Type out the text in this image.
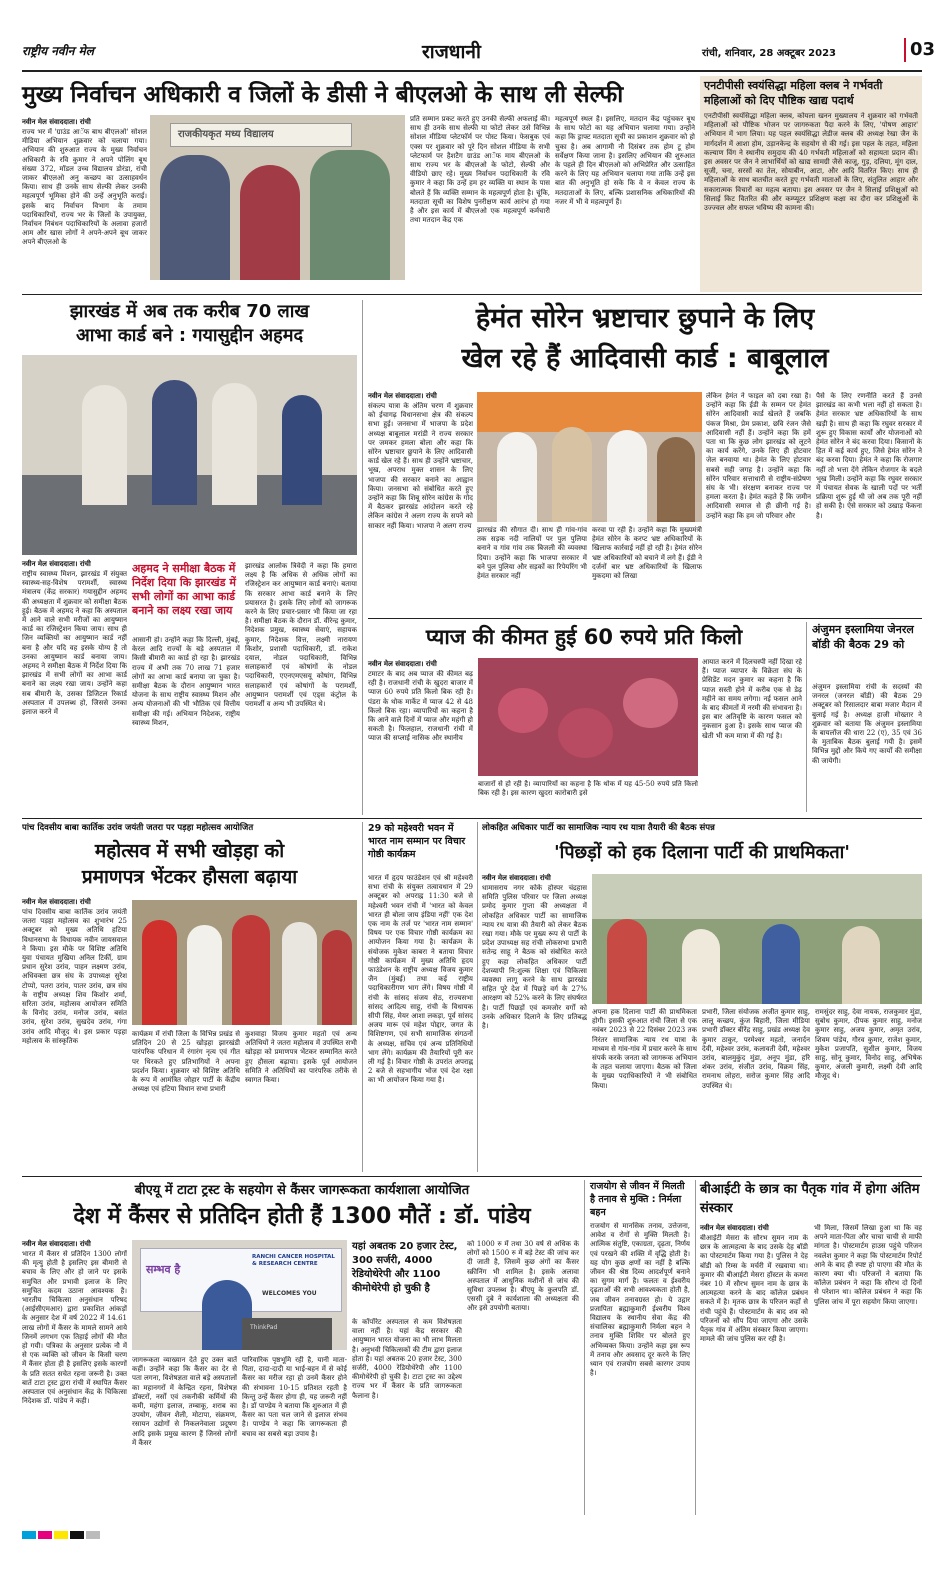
राष्ट्रीय नवीन मेल	राजधानी	रांची, शनिवार, 28 अक्टूबर 2023	03
मुख्य निर्वाचन अधिकारी व जिलों के डीसी ने बीएलओ के साथ ली सेल्फी
राजकीयकृत मध्य विद्यालय
नवीन मेल संवाददाता। रांची
राज्य भर में 'ग्राउंड आॅफ बाथ बीएलओ' सोशल मीडिया अभियान शुक्रवार को चलाया गया। अभियान की शुरुआत राज्य के मुख्य निर्वाचन अधिकारी के रवि कुमार ने अपने पोलिंग बूथ संख्या 372, मॉडल उच्च विद्यालय डोरंडा, रांची जाकर बीएलओ अनु कच्छप का उत्साहवर्धन किया। साथ ही उनके साथ सेल्फी लेकर उनकी महत्वपूर्ण भूमिका होने की उन्हें अनुभूति कराई। इसके बाद निर्वाचन विभाग के तमाम पदाधिकारियों, राज्य भर के जिलों के उपायुक्त, निर्वाचन निबंधन पदाधिकारियों के अलावा हजारों आम और खास लोगों ने अपने-अपने बूथ जाकर अपने बीएलओ के
प्रति सम्मान प्रकट करते हुए उनकी सेल्फी अफलाई की। साथ ही उनके साथ सेल्फी या फोटो लेकर उसे विभिन्न सोशल मीडिया प्लेटफॉर्म पर पोस्ट किया। फेसबुक एवं एक्स पर शुक्रवार को पूरे दिन सोशल मीडिया के सभी प्लेटफार्म पर हैशटैग ग्राउंड आॅफ माय बीएलओ के साथ राज्य भर के बीएलओ के फोटो, सेल्फी और वीडियो छाए रहे। मुख्य निर्वाचन पदाधिकारी के रवि कुमार ने कहा कि उन्हें हम हर व्यक्ति या स्थान के पास बोलते हैं कि व्यक्ति सम्मान के महत्वपूर्ण होता है। चूंकि, मतदाता सूची का विशेष पुनरीक्षण कार्य आरंभ हो गया है और इस कार्य में बीएलओ एक महत्वपूर्ण कर्मचारी तथा मतदान केंद्र एक
महत्वपूर्ण स्थल है। इसलिए, मतदान केंद्र पहुंचकर बूथ के साथ फोटो का यह अभियान चलाया गया। उन्होंने कहा कि ड्राफ्ट मतदाता सूची का प्रकाशन शुक्रवार को हो चुका है। अब आगामी नौ दिसंबर तक होम टू होम सर्वेक्षण किया जाना है। इसलिए अभियान की शुरुआत के पहले ही दिन बीएलओ को अभिप्रेरित और उत्साहित करने के लिए यह अभियान चलाया गया ताकि उन्हें इस बात की अनुभूति हो सके कि वे न केवल राज्य के मतदाताओं के लिए, बल्कि प्रशासनिक अधिकारियों की नजर में भी वे महत्वपूर्ण हैं।
एनटीपीसी स्वयंसिद्धा महिला क्लब ने गर्भवती महिलाओं को दिए पौष्टिक खाद्य पदार्थ
एनटीपीसी स्वयंसिद्धा महिला क्लब, कोयला खनन मुख्यालय ने शुक्रवार को गर्भवती महिलाओं को पौष्टिक भोजन पर जागरुकता पैदा करने के लिए, 'पोषण आहार' अभियान में भाग लिया। यह पहल स्वयंसिद्धा लेडीज क्लब की अध्यक्ष रेखा जैन के मार्गदर्शन में आशा होम, उड़ानकेन्द्र के सहयोग से की गई। इस पहल के तहत, महिला कल्याण विंग ने स्थानीय समुदाय की 40 गर्भवती महिलाओं को सहायता प्रदान की। इस अवसर पर जैन ने लाभार्थियों को खाद्य सामग्री जैसे काजू, गुड़, दलिया, मूंग दाल, सूजी, चना, सरसों का तेल, सोयाबीन, आटा, और आदि वितरित किए। साथ ही महिलाओं के साथ बातचीत करते हुए गर्भवती माताओं के लिए, संतुलित आहार और सकारात्मक विचारों का महत्व बताया। इस अवसर पर जैन ने सिलाई प्रशिक्षुओं को सिलाई किट वितरित की और कम्प्यूटर प्रशिक्षण कक्षा का दौरा कर प्रशिक्षुओं के उज्ज्वल और सफल भविष्य की कामना की।
झारखंड में अब तक करीब 70 लाख
आभा कार्ड बने : गयासुद्दीन अहमद
नवीन मेल संवाददाता। रांची
राष्ट्रीय स्वास्थ्य मिशन, झारखंड में संयुक्त स्वास्थ्य-सह-विशेष परामर्शी, स्वास्थ्य मंत्रालय (केंद्र सरकार) गयासुद्दीन अहमद की अध्यक्षता में शुक्रवार को समीक्षा बैठक हुई। बैठक में अहमद ने कहा कि अस्पताल में आने वाले सभी मरीजों का आयुष्मान कार्ड का रजिस्ट्रेशन किया जाय। साथ ही जिन व्यक्तियों का आयुष्मान कार्ड नहीं बना है और यदि वह इसके योग्य है तो उनका आयुष्मान कार्ड बनाया जाय। अहमद ने समीक्षा बैठक में निर्देश दिया कि झारखंड में सभी लोगों का आभा कार्ड बनाने का लक्ष्य रखा जाय। उन्होंने कहा सब बीमारी के, उसका डिजिटल रिकार्ड अस्पताल में उपलब्ध हो, जिससे उनका इलाज करने में
अहमद ने समीक्षा बैठक में निर्देश दिया कि झारखंड में सभी लोगों का आभा कार्ड बनाने का लक्ष्य रखा जाय
आसानी हो। उन्होंने कहा कि दिल्ली, मुंबई, केरल आदि राज्यों के बड़े अस्पताल में किसी बीमारी का कार्ड हो रहा है। झारखंड राज्य में अभी तक 70 लाख 71 हजार लोगों का आभा कार्ड बनाया जा चुका है। समीक्षा बैठक के दौरान आयुष्मान भारत योजना के साथ राष्ट्रीय स्वास्थ्य मिशन और अन्य योजनाओं की भी भौतिक एवं वित्तीय समीक्षा की गई। अभियान निदेशक, राष्ट्रीय स्वास्थ्य मिशन,
झारखंड आलोक त्रिवेदी ने कहा कि हमारा लक्ष्य है कि अधिक से अधिक लोगों का रजिस्ट्रेशन कर आयुष्मान कार्ड बनाएं। बताया कि सरकार आभा कार्ड बनाने के लिए प्रयासरत है। इसके लिए लोगों को जागरूक करने के लिए प्रचार-प्रसार भी किया जा रहा है। समीक्षा बैठक के दौरान डॉ. वीरेन्द्र कुमार, निदेशक प्रमुख, स्वास्थ्य सेवाएं, सहायक कुमार, निदेशक वित्त, लक्ष्मी नारायण किशोर, प्रशासी पदाधिकारी, डॉ. राकेश दयाल, नोडल पदाधिकारी, विभिन्न सलाहकारों एवं कोषांगों के नोडल पदाधिकारी, एएनएमएसयू कोषांग, विभिन्न सलाहकारों एवं कोषांगों के परामर्शी, आयुष्मान परामर्शी एवं एड्स कंट्रोल के परामर्शी व अन्य भी उपस्थित थे।
हेमंत सोरेन भ्रष्टाचार छुपाने के लिए
खेल रहे हैं आदिवासी कार्ड : बाबूलाल
नवीन मेल संवाददाता। रांची
संकल्प यात्रा के अंतिम चरण में शुक्रवार को ईचागढ़ विधानसभा क्षेत्र की संकल्प सभा हुई। जनसभा में भाजपा के प्रदेश अध्यक्ष बाबूलाल मरांडी ने राज्य सरकार पर जमकर हमला बोला और कहा कि सोरेन भ्रष्टाचार छुपाने के लिए आदिवासी कार्ड खेल रहे हैं। साथ ही उन्होंने भ्रष्टाचार, भूख, अपराध मुक्त शासन के लिए भाजपा की सरकार बनाने का आह्वान किया। जनसभा को संबोधित करते हुए उन्होंने कहा कि शिबू सोरेन कांग्रेस के गोद में बैठकर झारखंड आंदोलन करते रहे लेकिन कांग्रेस ने अलग राज्य के सपने को साकार नहीं किया। भाजपा ने अलग राज्य
झारखंड की सौगात दी। साथ ही गांव-गांव तक सड़क नदी नालियों पर पुल पुलिया बनाने व गांव गांव तक बिजली की व्यवस्था दिया। उन्होंने कहा कि भाजपा सरकार में बने पुल पुलिया और सड़कों का रिपेयरिंग भी हेमंत सरकार नहीं
करवा पा रही है। उन्होंने कहा कि मुख्यमंत्री हेमंत सोरेन के करप्ट भ्रष्ट अधिकारियों के खिलाफ कार्रवाई नहीं हो रही है। हेमंत सोरेन भ्रष्ट अधिकारियों को बचाने में लगे हैं। ईडी ने दर्जनों बार भ्रष्ट अधिकारियों के खिलाफ मुकदमा को लिखा
लेकिन हेमंत ने फाइल को दबा रखा है। उन्होंने कहा कि ईडी के सम्मन पर हेमंत सोरेन आदिवासी कार्ड खेलते हैं जबकि पंकज मिश्रा, प्रेम प्रकाश, छवि रंजन जैसे आदिवासी नहीं हैं। उन्होंने कहा कि हमें पता था कि कुछ लोग झारखंड को लूटने का कार्य करेंगे, उनके लिए ही होटवार जेल बनवाया था। हेमंत के लिए होटवार सबसे सही जगह है। उन्होंने कहा कि सोरेन परिवार सत्ताधारी से राष्ट्रीय-संप्रेषण संघ के भी। संरक्षण बनाकर राज्य पर हमला करता है। हेमंत कहते हैं कि जमीन आदिवासी समाज से ही छीनी गई है। उन्होंने कहा कि हम जो परिवार और
पैसे के लिए रणनीति करते हैं उनसे झारखंड का कभी भला नहीं हो सकता है। हेमंत सरकार भ्रष्ट अधिकारियों के साथ खड़ी है। साथ ही कहा कि रघुवर सरकार में शुरू हुए विकास कार्यों और योजनाओं को हेमंत सोरेन ने बंद करवा दिया। किसानों के हित में कई कार्य हुए, जिसे हेमंत सोरेन ने बंद करवा दिया। हेमंत ने कहा कि रोजगार नहीं तो भत्ता देंगे लेकिन रोजगार के बदले भूख मिली। उन्होंने कहा कि रघुवर सरकार में पंचायत सेवक के खाली पदों पर भर्ती प्रक्रिया शुरू हुई थी जो अब तक पूरी नहीं हो सकी है। ऐसे सरकार को उखाड़ फेंकना है।
प्याज की कीमत हुई 60 रुपये प्रति किलो
नवीन मेल संवाददाता। रांची
टमाटर के बाद अब प्याज की कीमत बढ़ रही है। राजधानी रांची के खुदरा बाजार में प्याज 60 रुपये प्रति किलो बिक रही है। पंडरा के थोक मार्केट में प्याज 42 से 48 किलो बिक रहा। व्यापारियों का कहना है कि आने वाले दिनों में प्याज और महंगी हो सकती है। फिलहाल, राजधानी रांची में प्याज की सप्लाई नासिक और स्थानीय
बाजारों से हो रही है। व्यापारियों का कहना है कि थोक में यह 45-50 रुपये प्रति किलो बिक रही है। इस कारण खुदरा कारोबारी इसे
आयात करने में दिलचस्पी नहीं दिखा रहे हैं। प्याज व्यापार के विक्रेता संघ के प्रेसिडेंट मदन कुमार का कहना है कि प्याज सस्ती होने में करीब एक से डेढ़ महीने का समय लगेगा। नई फसल आने के बाद कीमतों में नरमी की संभावना है। इस बार अतिवृष्टि के कारण फसल को नुकसान हुआ है। इसके साथ प्याज की खेती भी कम मात्रा में की गई है।
अंजुमन इस्लामिया जेनरल बॉडी की बैठक 29 को
अंजुमन इस्लामिया रांची के सदस्यों की जनरल (जनरल बॉडी) की बैठक 29 अक्टूबर को रिसालदार बाबा मजार मैदान में बुलाई गई है। अध्यक्ष हाजी मोख्तार ने शुक्रवार को बताया कि अंजुमन इस्लामिया के बायलॉज की धारा 22 (ए), 35 एवं 36 के मुताबिक बैठक बुलाई गयी है। इसमें विभिन्न मुद्दों और किये गए कार्यों की समीक्षा की जायेगी।
पांच दिवसीय बाबा कार्तिक उरांव जयंती जतरा पर पड़हा महोत्सव आयोजित
महोत्सव में सभी खोड़हा को
प्रमाणपत्र भेंटकर हौसला बढ़ाया
नवीन मेल संवाददाता। रांची
पांच दिवसीय बाबा कार्तिक उरांव जयंती जतरा पड़हा महोत्सव का शुभारंभ 25 अक्टूबर को मुख्य अतिथि हटिया विधानसभा के विधायक नवीन जायसवाल ने किया। इस मौके पर विशिष्ट अतिथि युवा पंचायत मुखिया अनिल टिर्की, ग्राम प्रधान सुरेश उरांव, पाहन लक्ष्मण उरांव, अधिवक्ता छत्र संघ के उपाध्यक्ष सुरेश टोप्पो, पतरा उरांव, पातर उरांव, छत्र संघ के राष्ट्रीय अध्यक्ष शिव किशोर शर्मा, सरिता उरांव, महोत्सव आयोजन समिति के विनोद उरांव, मनोज उरांव, बसंत उरांव, सुरेश उरांव, सुखदेव उरांव, गंगा उरांव आदि मौजूद थे। इस प्रकार पड़हा महोत्सव के सांस्कृतिक
कार्यक्रम में रांची जिला के विभिन्न प्रखंड से प्रतिदिन 20 से 25 खोड़हा झारखंडी पारंपरिक परिधान में रंगारंग नृत्य एवं गीत पर थिरकते हुए प्रतिभागियों ने अपना प्रदर्शन किया। शुक्रवार को विशिष्ट अतिथि के रूप में आमंत्रित जोहार पार्टी के केंद्रीय अध्यक्ष एवं हटिया विधान सभा प्रभारी
कुशवाहा विजय कुमार महतो एवं अन्य अतिथियों ने जतरा महोत्सव में उपस्थित सभी खोड़हा को प्रमाणपत्र भेंटकर सम्मानित करते हुए हौसला बढ़ाया। इसके पूर्व आयोजन समिति ने अतिथियों का पारंपरिक तरीके से स्वागत किया।
29 को महेश्वरी भवन में भारत नाम सम्मान पर विचार गोष्ठी कार्यक्रम
भारत में हृदय फाउंडेशन एवं श्री महेश्वरी सभा रांची के संयुक्त तत्वावधान में 29 अक्टूबर को अपराह्न 11:30 बजे से महेश्वरी भवन रांची में 'भारत को केवल भारत ही बोला जाय इंडिया नहीं' एक देश एक नाम के तर्ज पर 'भारत नाम सम्मान' विषय पर एक विचार गोष्ठी कार्यक्रम का आयोजन किया गया है। कार्यक्रम के संयोजक मुकेश काबरा ने बताया विचार गोष्ठी कार्यक्रम में मुख्य अतिथि हृदय फाउंडेशन के राष्ट्रीय अध्यक्ष विजय कुमार जैन (मुंबई) तथा कई राष्ट्रीय पदाधिकारीगण भाग लेंगे। विषय गोष्ठी में रांची के सांसद संजय सेठ, राज्यसभा सांसद आदित्य साहू, रांची के विधायक सीपी सिंह, मेयर आशा लकड़ा, पूर्व सांसद अजय मारू एवं महेश पोद्दार, जगत के विशिष्टगण, एवं सभी सामाजिक संगठनों के अध्यक्ष, सचिव एवं अन्य प्रतिनिधियों भाग लेंगे। कार्यक्रम की तैयारियों पूरी कर ली गई है। विचार गोष्ठी के उपरांत अपराह्न 2 बजे से सहभागीय भोज एवं देश रक्षा का भी आयोजन किया गया है।
लोकहित अधिकार पार्टी का सामाजिक न्याय रथ यात्रा तैयारी की बैठक संपन्न
'पिछड़ों को हक दिलाना पार्टी की प्राथमिकता'
नवीन मेल संवाददाता। रांची
धामासराय नगर कोके होस्पर चंद्रहास समिति पुलिस परिवार पर जिला अध्यक्ष प्रमोद कुमार गुप्ता की अध्यक्षता में लोकहित अधिकार पार्टी का सामाजिक न्याय रथ यात्रा की तैयारी को लेकर बैठक रखा गया। मौके पर मुख्य रूप से पार्टी के प्रदेश उपाध्यक्ष सह रांची लोकसभा प्रभारी सतेन्द्र साहू ने बैठक को संबोधित करते हुए कहा लोकहित अधिकार पार्टी देशव्यापी नि:शुल्क शिक्षा एवं चिकित्सा व्यवस्था लागू करने के साथ झारखंड सहित पूरे देश में पिछड़े वर्ग के 27% आरक्षण को 52% करने के लिए संघर्षरत है। पार्टी पिछड़ों एवं कमजोर वर्गों को उनके अधिकार दिलाने के लिए प्रतिबद्ध है।
अपना हक दिलाना पार्टी की प्राथमिकता होगी। इसकी शुरुआत रांची जिला से एक नवंबर 2023 से 22 दिसंबर 2023 तक निरंतर सामाजिक न्याय रथ यात्रा के माध्यम से गांव-गांव में प्रचार करने के साथ संपर्क करके जनता को जागरूक अभियान के तहत चलाया जाएगा। बैठक को जिला के मुख्य पदाधिकारियों ने भी संबोधित किया।
प्रभारी, जिला संयोजक अजीत कुमार साहु, लालू कच्छप, कुंज बिहारी, जिला मीडिया प्रभारी डॉक्टर बीरेंद्र साहु, प्रखंड अध्यक्ष देव कुमार ठाकुर, परमेश्वर महतो, जनार्दन देवी, महेश्वर उरांव, कलावती देवी, महेश्वर उरांव, बालमुकुंद मुंडा, अनूप मुंडा, हरि शंकर उरांव, संजीत उरांव, विक्रम सिंह, रामनाथ लोहरा, सरोज कुमार सिंह आदि उपस्थित थे।
रामसुंदर साहु, देवा नायक, राजकुमार मुंडा, सुबोध कुमार, दीपक कुमार साहु, मनोज कुमार साहु, अजय कुमार, अमृत उरांव, शिवम पांडेय, गौरव कुमार, राजेश कुमार, मुकेश प्रजापति, सुशील कुमार, विजय साहु, सोनू कुमार, विनोद साहु, अभिषेक कुमार, अंजली कुमारी, लक्ष्मी देवी आदि मौजूद थे।
बीएयू में टाटा ट्रस्ट के सहयोग से कैंसर जागरूकता कार्यशाला आयोजित
देश में कैंसर से प्रतिदिन होती हैं 1300 मौतें : डॉ. पांडेय
नवीन मेल संवाददाता। रांची
भारत में कैंसर से प्रतिदिन 1300 लोगों की मृत्यु होती है इसलिए इस बीमारी से बचाव के लिए और हो जाने पर इसके समुचित और प्रभावी इलाज के लिए समुचित कदम उठाना आवश्यक है। भारतीय चिकित्सा अनुसंधान परिषद (आईसीएमआर) द्वारा प्रकाशित आंकड़ों के अनुसार देश में वर्ष 2022 में 14.61 लाख लोगों में कैंसर के मामले सामने आये जिनमें लगभग एक तिहाई लोगों की मौत हो गयी। पत्रिका के अनुसार प्रत्येक नौ में से एक व्यक्ति को जीवन के किसी चरण में कैंसर होता ही है इसलिए इसके कारणों के प्रति सतत सचेत रहना जरूरी है। उक्त बातें टाटा ट्रस्ट द्वारा रांची में स्थापित कैंसर अस्पताल एवं अनुसंधान केंद्र के चिकित्सा निदेशक डॉ. पांडेय ने कही।
सम्भव है
RANCHI CANCER HOSPITAL & RESEARCH CENTRE
WELCOMES YOU
ThinkPad
यहां अबतक 20 हजार टेस्ट, 300 सर्जरी, 4000 रेडियोथेरेपी और 1100 कीमोथेरेपी हो चुकी है
जागरूकता व्याख्यान देते हुए उक्त बातें कहीं। उन्होंने कहा कि कैंसर का देर से पता लगना, विशेषज्ञता वाले बड़े अस्पतालों का महानगरों में केन्द्रित रहना, विशेषज्ञ डॉक्टरों, नर्सों एवं तकनीकी कर्मियों की कमी, महंगा इलाज, तम्बाकू, शराब का उपयोग, जीवन शैली, मोटापा, संक्रमण, रसायन उद्योगों से निकलनेवाला प्रदूषण आदि इसके प्रमुख कारण हैं जिनसे लोगों में कैंसर
पारिवारिक पृष्ठभूमि रही है, यानी माता-पिता, दादा-दादी या भाई-बहन में से कोई कैंसर का मरीज रहा हो उनमें कैंसर होने की संभावना 10-15 प्रतिशत रहती है किन्तु उन्हें कैंसर होगा ही, यह जरूरी नहीं है। डॉ पाण्डेय ने बताया कि शुरुआत में ही कैंसर का पता चल जाने से इलाज संभव है। पाण्डेय ने कहा कि जागरूकता ही बचाव का सबसे बड़ा उपाय है।
के कॉर्पोरेट अस्पताल से कम विशेषज्ञता वाला नहीं है। यहां केंद्र सरकार की आयुष्मान भारत योजना का भी लाभ मिलता है। अनुभवी चिकित्सकों की टीम द्वारा इलाज होता है। यहां अबतक 20 हजार टेस्ट, 300 सर्जरी, 4000 रेडियोथेरेपी और 1100 कीमोथेरेपी हो चुकी है। टाटा ट्रस्ट का उद्देश्य राज्य भर में कैंसर के प्रति जागरूकता फैलाना है।
को 1000 रु में तथा 30 वर्ष से अधिक के लोगों को 1500 रु में बड़े टेस्ट की जांच कर दी जाती है, जिसमें कुछ अंगों का कैंसर स्क्रीनिंग भी शामिल है। इसके अलावा अस्पताल में आधुनिक मशीनों से जांच की सुविधा उपलब्ध है। बीएयू के कुलपति डॉ. एससी दुबे ने कार्यशाला की अध्यक्षता की और इसे उपयोगी बताया।
राजयोग से जीवन में मिलती है तनाव से मुक्ति : निर्मला बहन
राजयोग से मानसिक तनाव, उत्तेजना, आवेश व रोगों से मुक्ति मिलती है। आत्मिक संतुष्टि, एकाग्रता, दृढ़ता, निर्णय एवं परखने की शक्ति में वृद्धि होती है। यह योग कुछ क्षणों का नहीं है बल्कि जीवन की श्रेष्ठ दिव्य आदर्शपूर्ण बनाने का सुगम मार्ग है। फलतः व ईश्वरीय दृढ़ताओं की सभी आवश्यकता होती है, जब जीवन तनावग्रस्त हो। ये उद्गार प्रजापिता ब्रह्माकुमारी ईश्वरीय विश्व विद्यालय के स्थानीय सेवा केंद्र की संचालिका ब्रह्माकुमारी निर्मला बहन ने तनाव मुक्ति शिविर पर बोलते हुए अभिव्यक्त किया। उन्होंने कहा इस रूप में तनाव और अवसाद दूर करने के लिए ध्यान एवं राजयोग सबसे कारगर उपाय है।
बीआईटी के छात्र का पैतृक गांव में होगा अंतिम संस्कार
नवीन मेल संवाददाता। रांची
बीआईटी मेसरा के सौरभ सुमन नाम के छात्र के आत्महत्या के बाद उसके देह बॉडी का पोस्टमार्टम किया गया है। पुलिस ने देह बॉडी को रिम्स के मर्चरी में रखवाया था। कुमार की बीआईटी मेसरा हॉस्टल के कमरा नंबर 10 में सौरभ सुमन नाम के छात्र के आत्महत्या करने के बाद कॉलेज प्रबंधन सकते में है। मृतक छात्र के परिजन कहाँ से रांची पहुंचे हैं। पोस्टमार्टम के बाद शव को परिजनों को सौंप दिया जाएगा और उसके पैतृक गांव में अंतिम संस्कार किया जाएगा। मामले की जांच पुलिस कर रही है।
भी मिला, जिसमें लिखा हुआ था कि वह अपने माता-पिता और चाचा चाची से माफी मांगता है। पोस्टमार्टम हाउस पहुंचे परिजन नवलेश कुमार ने कहा कि पोस्टमार्टम रिपोर्ट आने के बाद ही स्पष्ट हो पाएगा की मौत के कारण क्या थी। परिजनों ने बताया कि कॉलेज प्रबंधन ने कहा कि सौरभ दो दिनों से परेशान था। कॉलेज प्रबंधन ने कहा कि पुलिस जांच में पूरा सहयोग किया जाएगा।
